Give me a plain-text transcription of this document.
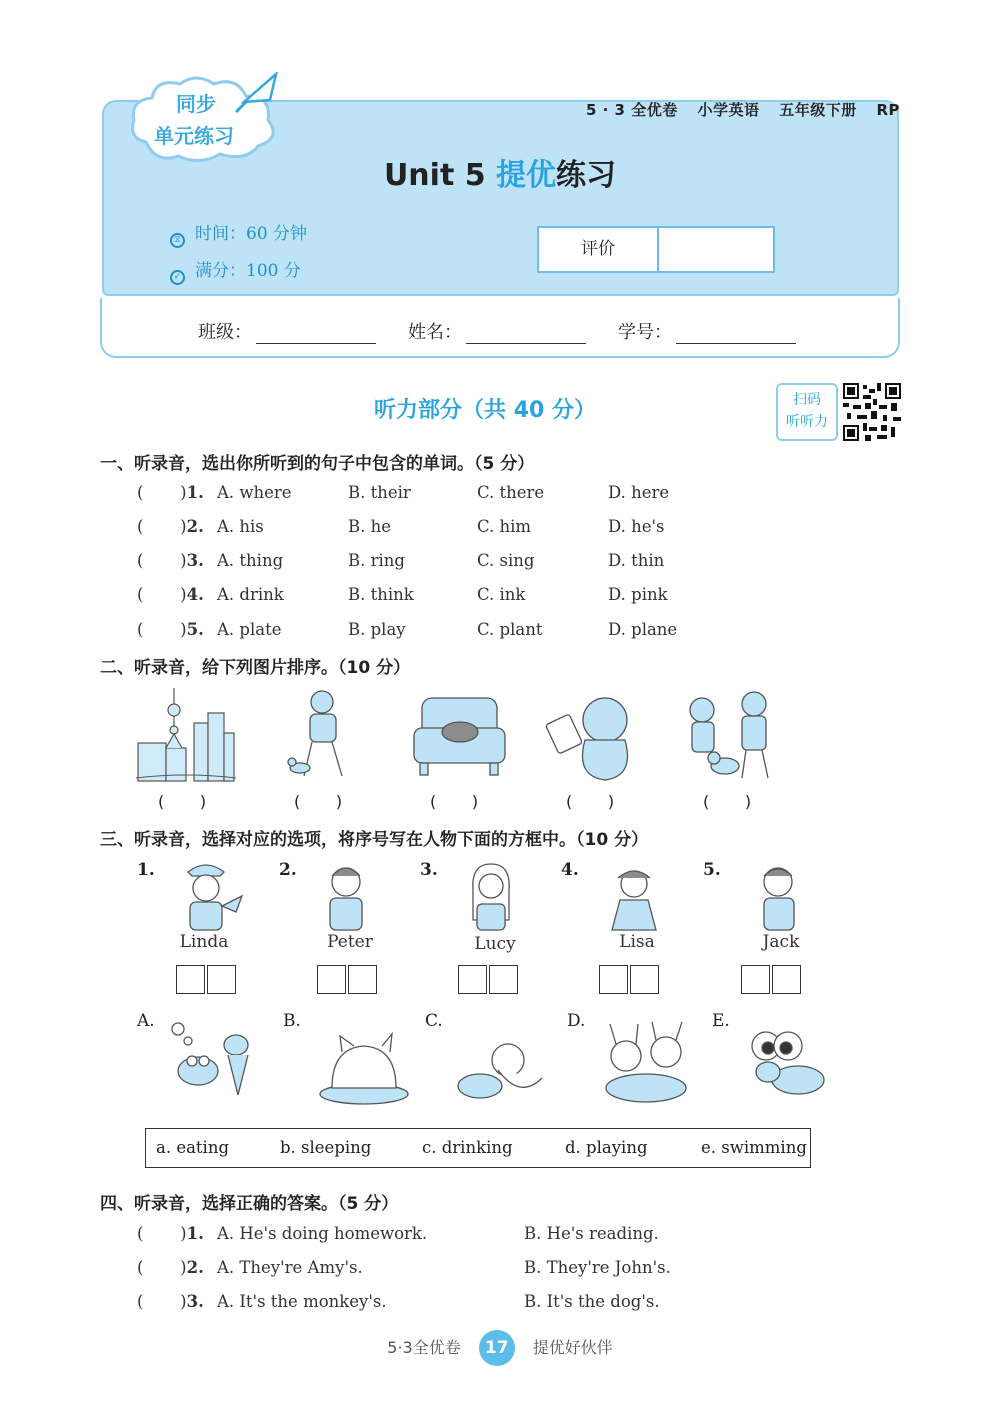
同步
单元练习
5 · 3 全优卷 小学英语 五年级下册 RP
Unit 5 提优练习
⧖ 时间：60 分钟
✓ 满分：100 分
评价
班级：	姓名：	学号：
听力部分（共 40 分）	扫码
听听力
一、听录音，选出你所听到的句子中包含的单词。（5 分）
(       )1. A. where	B. their	C. there	D. here
(       )2. A. his	B. he	C. him	D. he's
(       )3. A. thing	B. ring	C. sing	D. thin
(       )4. A. drink	B. think	C. ink	D. pink
(       )5. A. plate	B. play	C. plant	D. plane
二、听录音，给下列图片排序。（10 分）
(       )	(       )	(       )	(       )	(       )
三、听录音，选择对应的选项，将序号写在人物下面的方框中。（10 分）
1.	2.	3.	4.	5.
Linda	Peter	Lucy	Lisa	Jack
A.	B.	C.	D.	E.
a. eating	b. sleeping	c. drinking	d. playing	e. swimming
四、听录音，选择正确的答案。（5 分）
(       )1. A. He's doing homework.	B. He's reading.
(       )2. A. They're Amy's.	B. They're John's.
(       )3. A. It's the monkey's.	B. It's the dog's.
5·3全优卷 17 提优好伙伴
